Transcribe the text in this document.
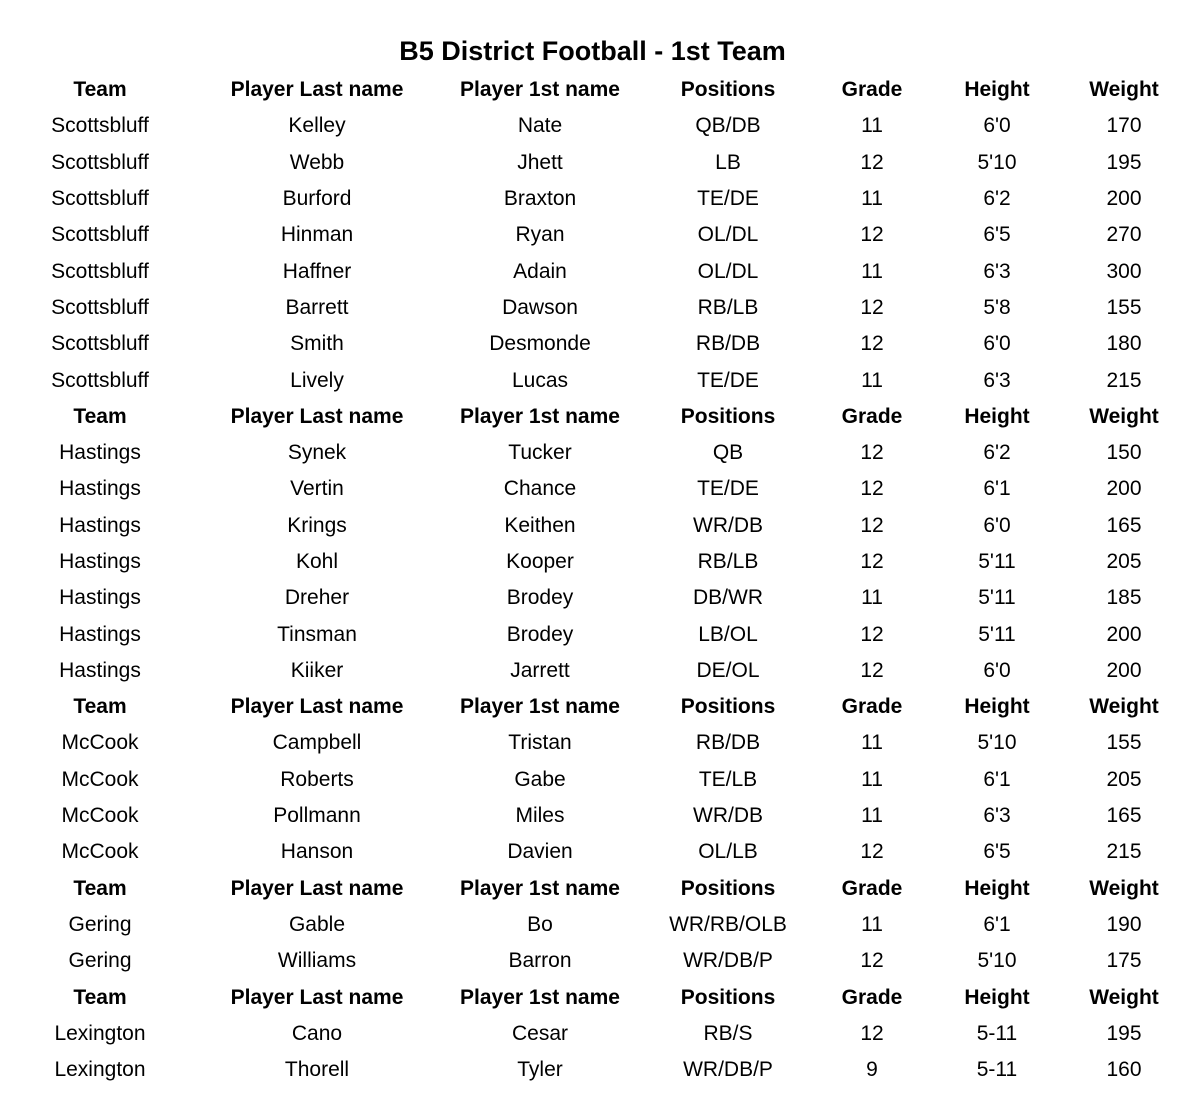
B5 District Football - 1st Team
Team	Player Last name	Player 1st name	Positions	Grade	Height	Weight
Scottsbluff	Kelley	Nate	QB/DB	11	6'0	170
Scottsbluff	Webb	Jhett	LB	12	5'10	195
Scottsbluff	Burford	Braxton	TE/DE	11	6'2	200
Scottsbluff	Hinman	Ryan	OL/DL	12	6'5	270
Scottsbluff	Haffner	Adain	OL/DL	11	6'3	300
Scottsbluff	Barrett	Dawson	RB/LB	12	5'8	155
Scottsbluff	Smith	Desmonde	RB/DB	12	6'0	180
Scottsbluff	Lively	Lucas	TE/DE	11	6'3	215
Team	Player Last name	Player 1st name	Positions	Grade	Height	Weight
Hastings	Synek	Tucker	QB	12	6'2	150
Hastings	Vertin	Chance	TE/DE	12	6'1	200
Hastings	Krings	Keithen	WR/DB	12	6'0	165
Hastings	Kohl	Kooper	RB/LB	12	5'11	205
Hastings	Dreher	Brodey	DB/WR	11	5'11	185
Hastings	Tinsman	Brodey	LB/OL	12	5'11	200
Hastings	Kiiker	Jarrett	DE/OL	12	6'0	200
Team	Player Last name	Player 1st name	Positions	Grade	Height	Weight
McCook	Campbell	Tristan	RB/DB	11	5'10	155
McCook	Roberts	Gabe	TE/LB	11	6'1	205
McCook	Pollmann	Miles	WR/DB	11	6'3	165
McCook	Hanson	Davien	OL/LB	12	6'5	215
Team	Player Last name	Player 1st name	Positions	Grade	Height	Weight
Gering	Gable	Bo	WR/RB/OLB	11	6'1	190
Gering	Williams	Barron	WR/DB/P	12	5'10	175
Team	Player Last name	Player 1st name	Positions	Grade	Height	Weight
Lexington	Cano	Cesar	RB/S	12	5-11	195
Lexington	Thorell	Tyler	WR/DB/P	9	5-11	160
